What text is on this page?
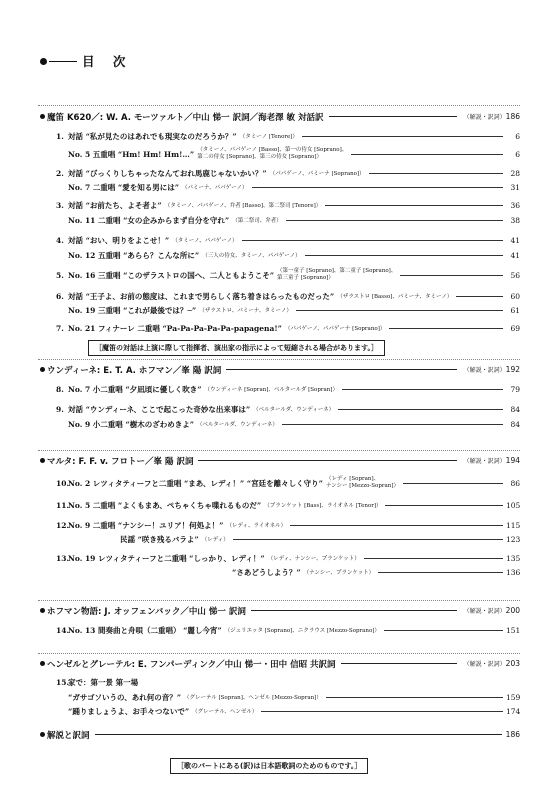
目 次
魔笛 K620／: W. A. モーツァルト／中山 悌一 訳詞／海老澤 敏 対話訳	（解説・訳詞） 186
1. 対話 “私が見たのはあれでも現実なのだろうか？” （タミーノ [Tenore]）	6
No. 5 五重唱 “Hm! Hm! Hm!…” （タミーノ、パパゲーノ [Basso]、第一の侍女 [Soprano]、
第二の侍女 [Soprano]、第三の侍女 [Soprano]）	6
2. 対話 “びっくりしちゃったなんておれ馬鹿じゃないかい？” （パパゲーノ、パミーナ [Soprano]）	28
No. 7 二重唱 “愛を知る男には” （パミーナ、パパゲーノ）	31
3. 対話 “お前たち、よそ者よ” （タミーノ、パパゲーノ、弁者 [Basso]、第二祭司 [Tenore]）	36
No. 11 二重唱 “女の企みからまず自分を守れ” （第二祭司、弁者）	38
4. 対話 “おい、明りをよこせ！” （タミーノ、パパゲーノ）	41
No. 12 五重唱 “あらら？こんな所に” （三人の侍女、タミーノ、パパゲーノ）	41
5. No. 16 三重唱 “このザラストロの国へ、二人ともようこそ” （第一童子 [Soprano]、第二童子 [Soprano]、
第三童子 [Soprano]）	56
6. 対話 “王子よ、お前の態度は、これまで男らしく落ち着きはらったものだった” （ザラストロ [Basso]、パミーナ、タミーノ）	60
No. 19 三重唱 “これが最後では？─” （ザラストロ、パミーナ、タミーノ）	61
7. No. 21 フィナーレ 二重唱 “Pa-Pa-Pa-Pa-Pa-papagena!” （パパゲーノ、パパゲーナ [Soprano]）	69
［魔笛の対話は上演に際して指揮者、演出家の指示によって短縮される場合があります。］
ウンディーネ: E. T. A. ホフマン／峯 陽 訳詞	（解説・訳詞） 192
8. No. 7 小二重唱 “夕凪頃に優しく吹き” （ウンディーネ [Sopran]、ベルタールダ [Sopran]）	79
9. 対話 “ウンディーネ、ここで起こった奇妙な出来事は” （ベルタールダ、ウンディーネ）	84
No. 9 小二重唱 “樹木のざわめきよ” （ベルタールダ、ウンディーネ）	84
マルタ: F. F. v. フロトー／峯 陽 訳詞	（解説・訳詞） 194
10.
No. 2 レツィタティーフと二重唱 “まあ、レディ！” “宮廷を離々しく守り” （レディ [Sopran]、
ナンシー [Mezzo-Sopran]）	86
11.
No. 5 二重唱 “よくもまあ、ぺちゃくちゃ喋れるものだ” （プランケット [Bass]、ライオネル [Tenor]）	105
12.
No. 9 二重唱 “ナンシー！ユリア！何処よ！” （レディ、ライオネル）	115
民謡 “咲き残るバラよ” （レディ）	123
13.
No. 19 レツィタティーフと二重唱 “しっかり、レディ！” （レディ、ナンシー、プランケット）	135
“さあどうしよう？” （ナンシー、プランケット）	136
ホフマン物語: J. オッフェンバック／中山 悌一 訳詞	（解説・訳詞） 200
14.
No. 13 間奏曲と舟唄（二重唱） “麗し今宵” （ジュリエッタ [Soprano]、ニクラウス [Mezzo-Soprano]）	151
ヘンゼルとグレーテル: E. フンパーディンク／中山 悌一・田中 信昭 共訳詞	（解説・訳詞） 203
15.
家で：第一景 第一場
“ガサゴソいうの、あれ何の音？” （グレーテル [Sopran]、ヘンゼル [Mezzo-Sopran]）	159
“踊りましょうよ、お手々つないで” （グレーテル、ヘンゼル）	174
解説と訳詞	186
［歌のパートにある(訳)は日本語歌詞のためのものです。］
